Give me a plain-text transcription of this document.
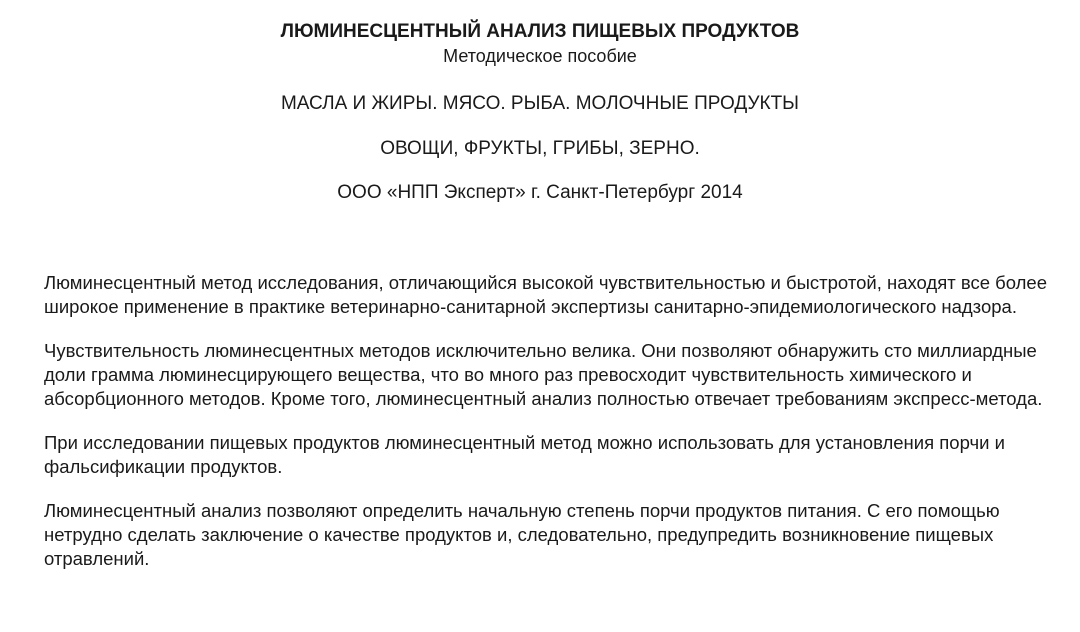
ЛЮМИНЕСЦЕНТНЫЙ АНАЛИЗ ПИЩЕВЫХ ПРОДУКТОВ

Методическое пособие

МАСЛА И ЖИРЫ. МЯСО. РЫБА. МОЛОЧНЫЕ ПРОДУКТЫ

ОВОЩИ, ФРУКТЫ, ГРИБЫ, ЗЕРНО.

ООО «НПП Эксперт» г. Санкт-Петербург 2014

Люминесцентный метод исследования, отличающийся высокой чувствительностью и быстротой, находят все более широкое применение в практике ветеринарно-санитарной экспертизы санитарно-эпидемиологического надзора.

Чувствительность люминесцентных методов исключительно велика. Они позволяют обнаружить сто миллиардные доли грамма люминесцирующего вещества, что во много раз превосходит чувствительность химического и абсорбционного методов. Кроме того, люминесцентный анализ полностью отвечает требованиям экспресс-метода.

При исследовании пищевых продуктов люминесцентный метод можно использовать для установления порчи и фальсификации продуктов.

Люминесцентный анализ позволяют определить начальную степень порчи продуктов питания. С его помощью нетрудно сделать заключение о качестве продуктов и, следовательно, предупредить возникновение пищевых отравлений.
